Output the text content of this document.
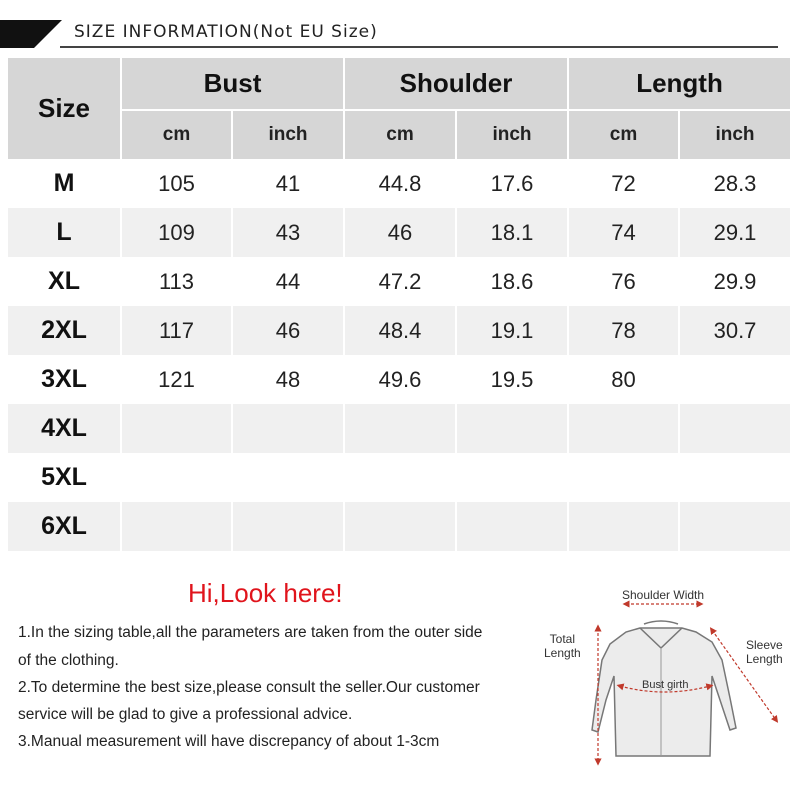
SIZE INFORMATION(Not EU Size)
Size	Bust		Shoulder		Length	
	cm	inch	cm	inch	cm	inch
M	105	41	44.8	17.6	72	28.3
L	109	43	46	18.1	74	29.1
XL	113	44	47.2	18.6	76	29.9
2XL	117	46	48.4	19.1	78	30.7
3XL	121	48	49.6	19.5	80	
4XL						
5XL						
6XL						
Hi,Look here!
1.In the sizing table,all the parameters are taken from the outer side
of the clothing.
2.To determine the best size,please consult the seller.Our customer
service will be glad to give a professional advice.
3.Manual measurement will have discrepancy of about 1-3cm
Shoulder Width
Total
Length
Sleeve
Length
Bust girth
